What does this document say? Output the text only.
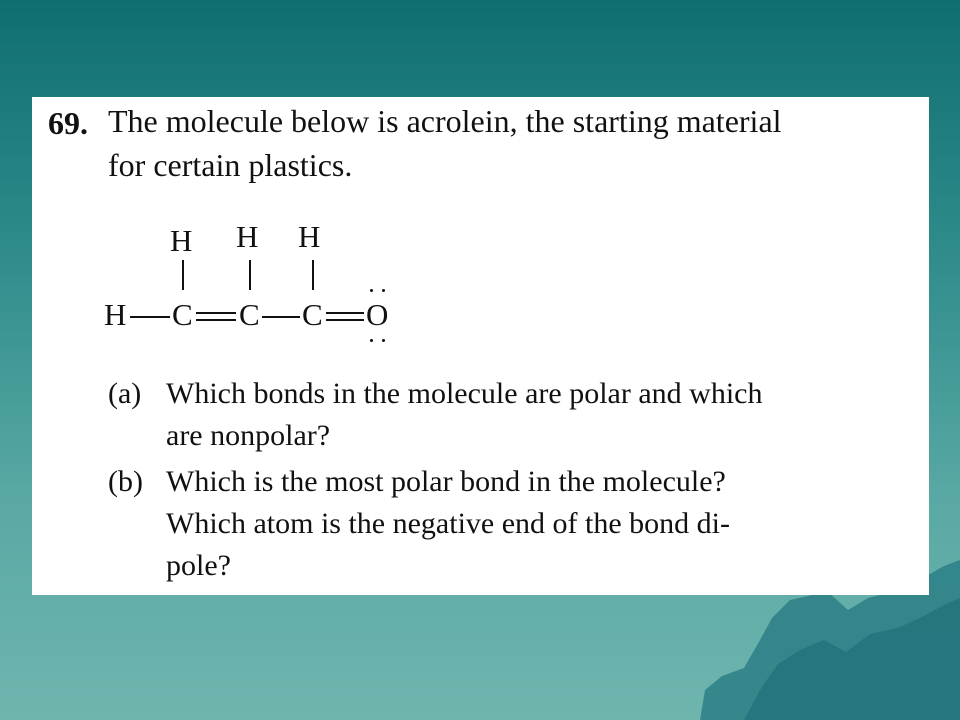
69. The molecule below is acrolein, the starting material
for certain plastics.
H H H
H C C C O
(a) Which bonds in the molecule are polar and which
are nonpolar?
(b) Which is the most polar bond in the molecule?
Which atom is the negative end of the bond di-
pole?
